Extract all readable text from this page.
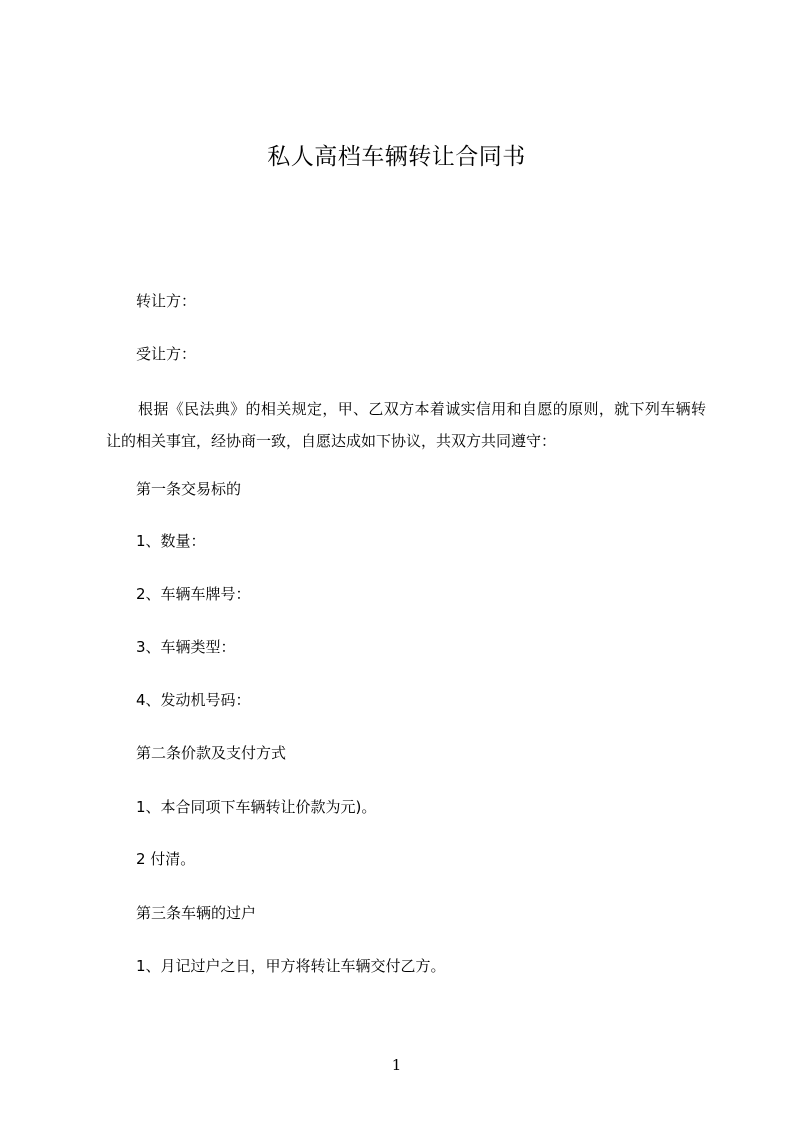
私人高档车辆转让合同书
转让方：
受让方：
根据《民法典》的相关规定，甲、乙双方本着诚实信用和自愿的原则，就下列车辆转让的相关事宜，经协商一致，自愿达成如下协议，共双方共同遵守：
第一条交易标的
1、数量：
2、车辆车牌号：
3、车辆类型：
4、发动机号码：
第二条价款及支付方式
1、本合同项下车辆转让价款为元)。
2 付清。
第三条车辆的过户
1、月记过户之日，甲方将转让车辆交付乙方。
1
